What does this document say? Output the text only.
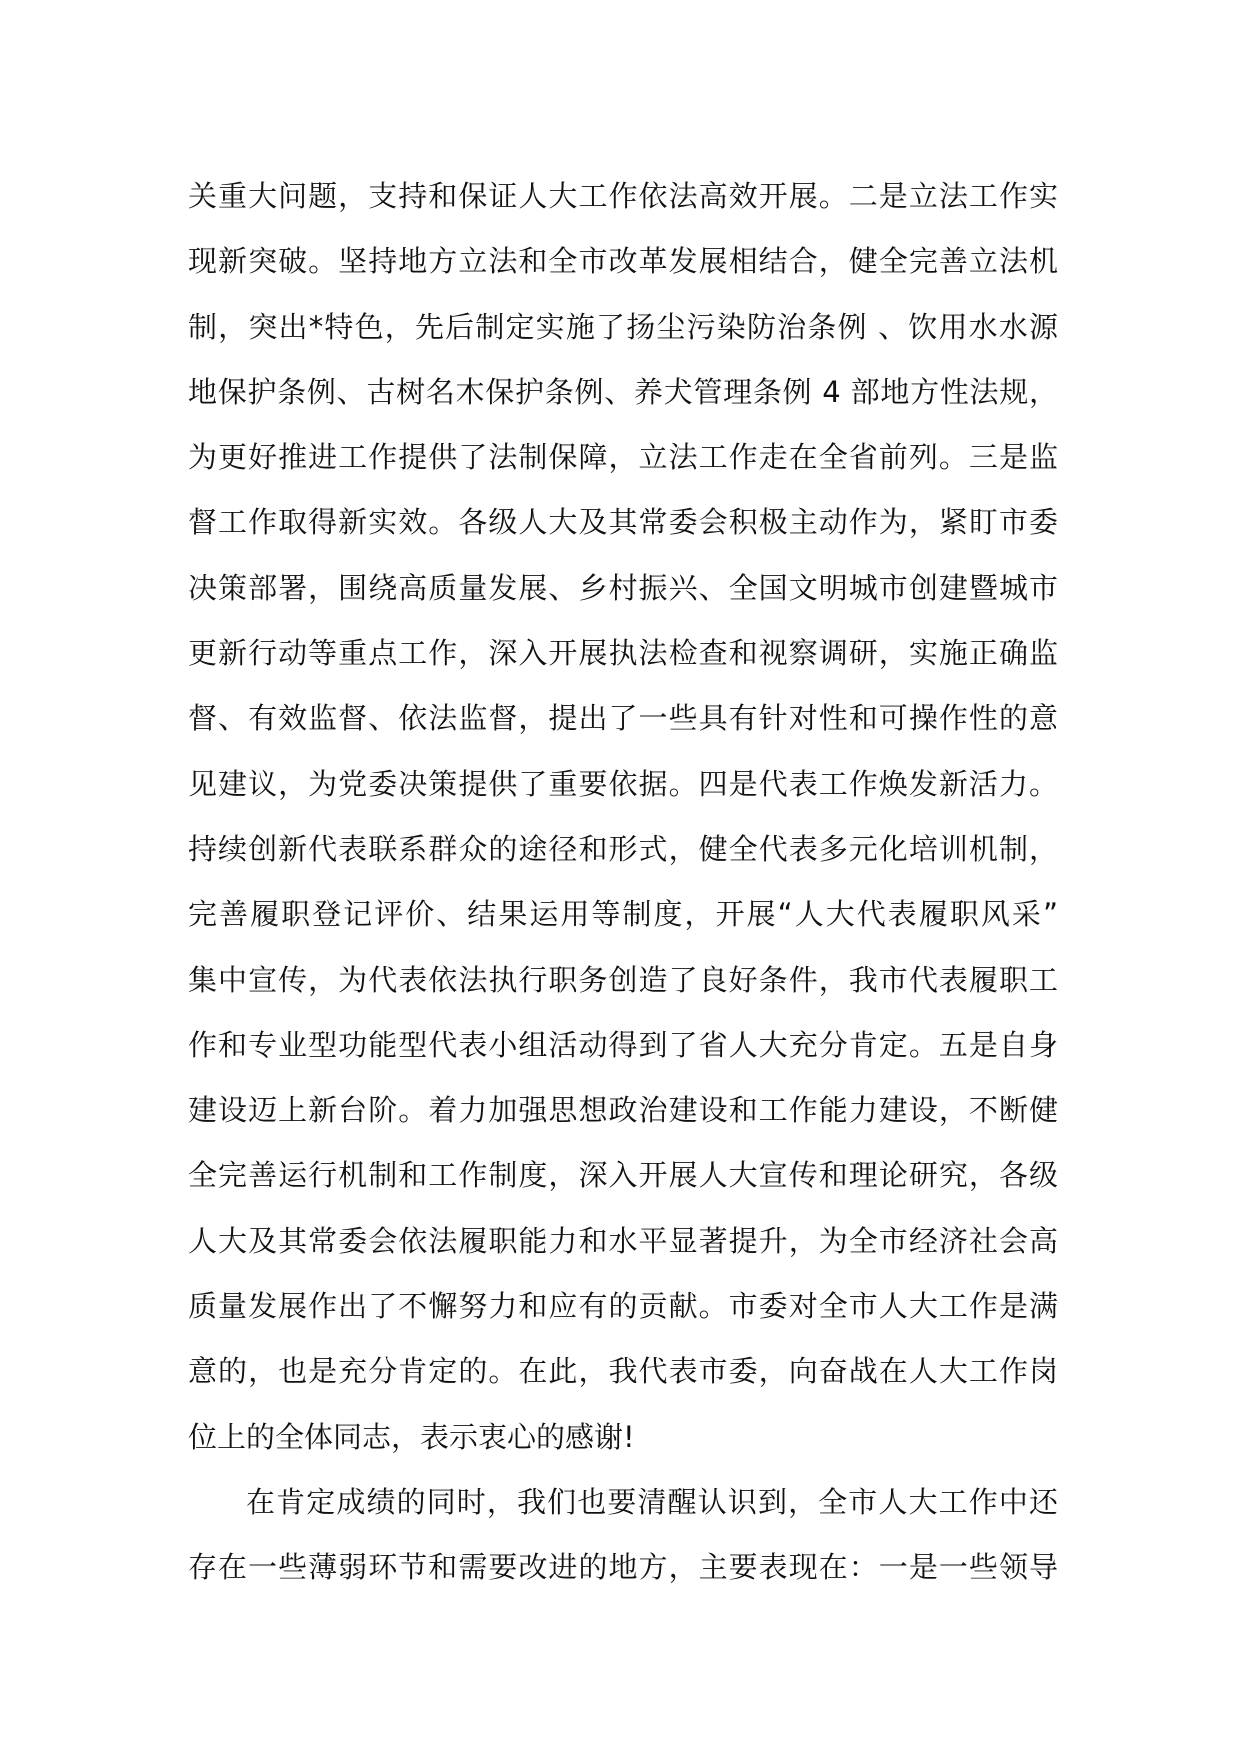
关重大问题，支持和保证人大工作依法高效开展。二是立法工作实
现新突破。坚持地方立法和全市改革发展相结合，健全完善立法机
制，突出*特色，先后制定实施了扬尘污染防治条例 、饮用水水源
地保护条例、古树名木保护条例、养犬管理条例 4 部地方性法规，
为更好推进工作提供了法制保障，立法工作走在全省前列。三是监
督工作取得新实效。各级人大及其常委会积极主动作为，紧盯市委
决策部署，围绕高质量发展、乡村振兴、全国文明城市创建暨城市
更新行动等重点工作，深入开展执法检查和视察调研，实施正确监
督、有效监督、依法监督，提出了一些具有针对性和可操作性的意
见建议，为党委决策提供了重要依据。四是代表工作焕发新活力。
持续创新代表联系群众的途径和形式，健全代表多元化培训机制，
完善履职登记评价、结果运用等制度，开展“人大代表履职风采”
集中宣传，为代表依法执行职务创造了良好条件，我市代表履职工
作和专业型功能型代表小组活动得到了省人大充分肯定。五是自身
建设迈上新台阶。着力加强思想政治建设和工作能力建设，不断健
全完善运行机制和工作制度，深入开展人大宣传和理论研究，各级
人大及其常委会依法履职能力和水平显著提升，为全市经济社会高
质量发展作出了不懈努力和应有的贡献。市委对全市人大工作是满
意的，也是充分肯定的。在此，我代表市委，向奋战在人大工作岗
位上的全体同志，表示衷心的感谢!
在肯定成绩的同时，我们也要清醒认识到，全市人大工作中还
存在一些薄弱环节和需要改进的地方，主要表现在：一是一些领导
